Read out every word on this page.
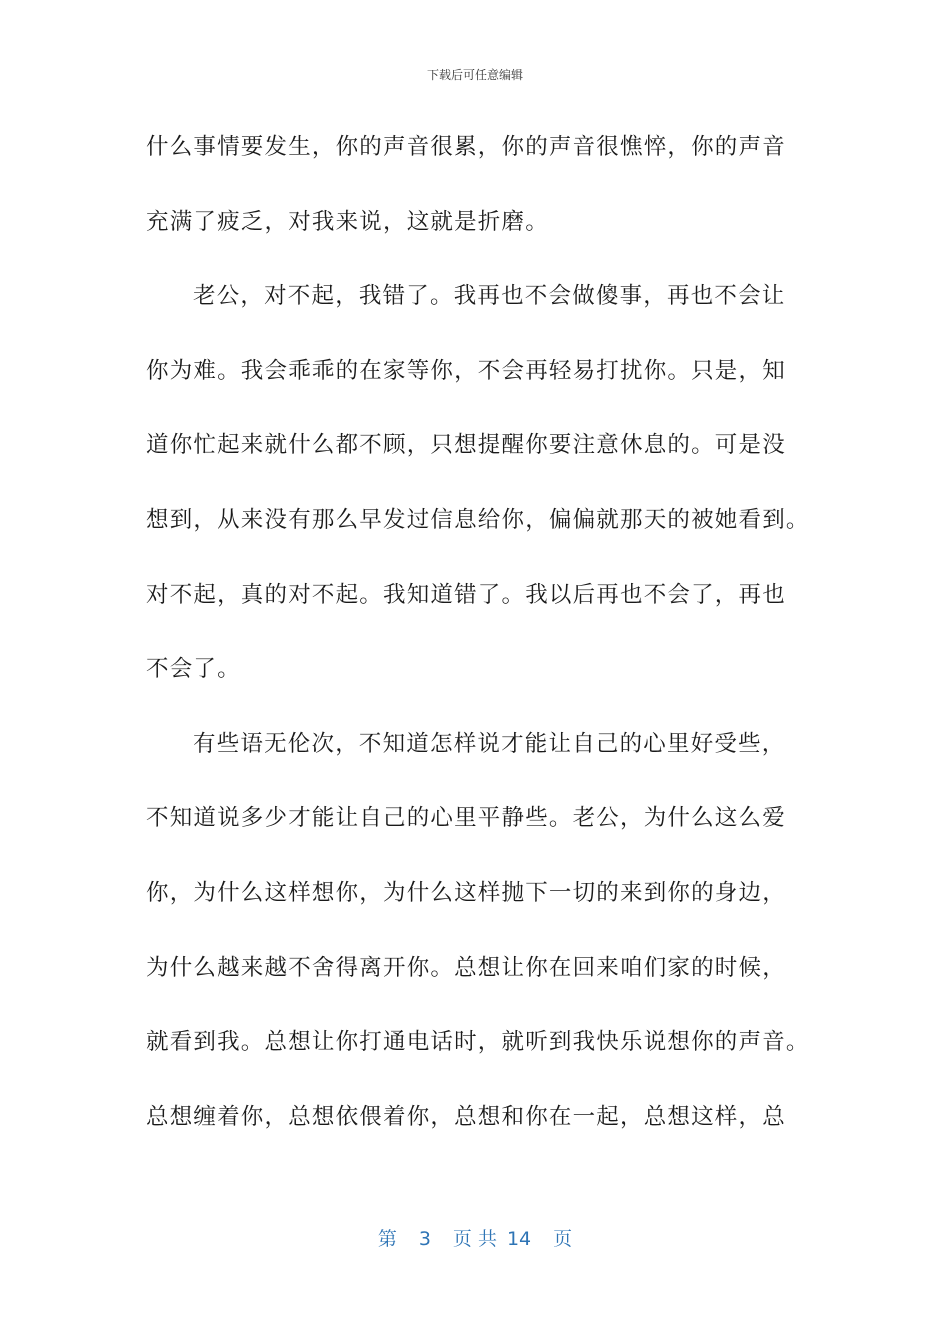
下载后可任意编辑
什么事情要发生，你的声音很累，你的声音很憔悴，你的声音
充满了疲乏，对我来说，这就是折磨。
老公，对不起，我错了。我再也不会做傻事，再也不会让
你为难。我会乖乖的在家等你，不会再轻易打扰你。只是，知
道你忙起来就什么都不顾，只想提醒你要注意休息的。可是没
想到，从来没有那么早发过信息给你，偏偏就那天的被她看到。
对不起，真的对不起。我知道错了。我以后再也不会了，再也
不会了。
有些语无伦次，不知道怎样说才能让自己的心里好受些，
不知道说多少才能让自己的心里平静些。老公，为什么这么爱
你，为什么这样想你，为什么这样抛下一切的来到你的身边，
为什么越来越不舍得离开你。总想让你在回来咱们家的时候，
就看到我。总想让你打通电话时，就听到我快乐说想你的声音。
总想缠着你，总想依偎着你，总想和你在一起，总想这样，总
第 3 页 共 14 页
